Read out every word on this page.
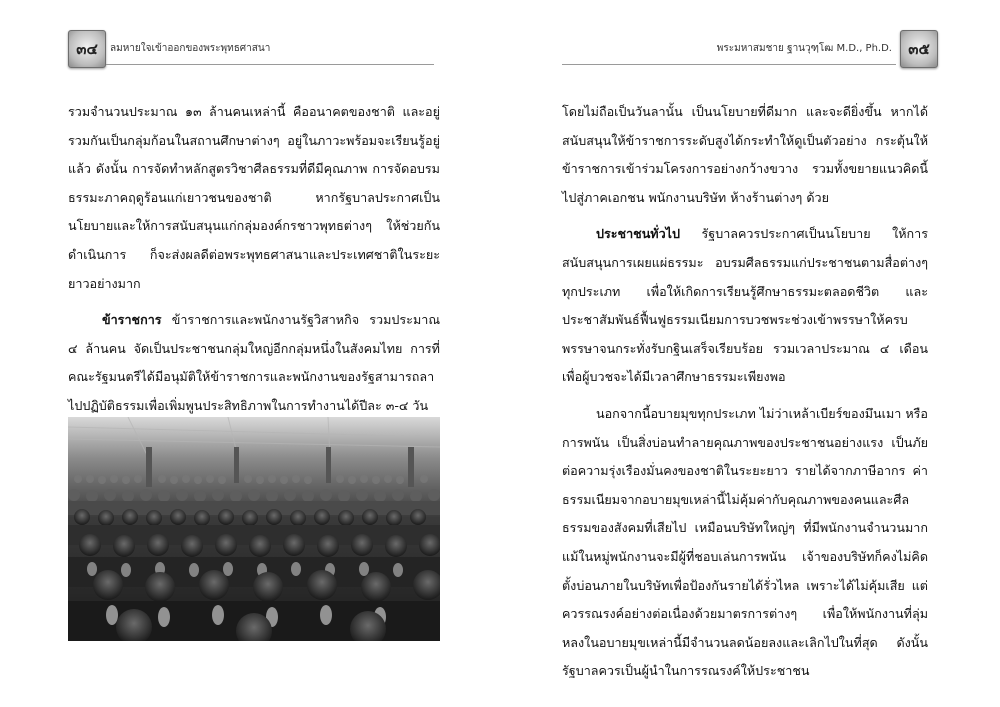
๓๔ ลมหายใจเข้าออกของพระพุทธศาสนา

รวมจำนวนประมาณ ๑๓ ล้านคนเหล่านี้ คืออนาคตของชาติ และอยู่รวมกันเป็นกลุ่มก้อนในสถานศึกษาต่างๆ อยู่ในภาวะพร้อมจะเรียนรู้อยู่แล้ว ดังนั้น การจัดทำหลักสูตรวิชาศีลธรรมที่ดีมีคุณภาพ การจัดอบรมธรรมะภาคฤดูร้อนแก่เยาวชนของชาติ หากรัฐบาลประกาศเป็นนโยบายและให้การสนับสนุนแก่กลุ่มองค์กรชาวพุทธต่างๆ ให้ช่วยกันดำเนินการ ก็จะส่งผลดีต่อพระพุทธศาสนาและประเทศชาติในระยะยาวอย่างมาก

ข้าราชการ ข้าราชการและพนักงานรัฐวิสาหกิจ รวมประมาณ ๔ ล้านคน จัดเป็นประชาชนกลุ่มใหญ่อีกกลุ่มหนึ่งในสังคมไทย การที่คณะรัฐมนตรีได้มีอนุมัติให้ข้าราชการและพนักงานของรัฐสามารถลาไปปฏิบัติธรรมเพื่อเพิ่มพูนประสิทธิภาพในการทำงานได้ปีละ ๓-๔ วัน

๓๕
พระมหาสมชาย ฐานวุฑฺโฒ M.D., Ph.D.

โดยไม่ถือเป็นวันลานั้น เป็นนโยบายที่ดีมาก และจะดียิ่งขึ้น หากได้สนับสนุนให้ข้าราชการระดับสูงได้กระทำให้ดูเป็นตัวอย่าง กระตุ้นให้ข้าราชการเข้าร่วมโครงการอย่างกว้างขวาง รวมทั้งขยายแนวคิดนี้ไปสู่ภาคเอกชน พนักงานบริษัท ห้างร้านต่างๆ ด้วย

ประชาชนทั่วไป รัฐบาลควรประกาศเป็นนโยบาย ให้การสนับสนุนการเผยแผ่ธรรมะ อบรมศีลธรรมแก่ประชาชนตามสื่อต่างๆ ทุกประเภท เพื่อให้เกิดการเรียนรู้ศึกษาธรรมะตลอดชีวิต และประชาสัมพันธ์ฟื้นฟูธรรมเนียมการบวชพระช่วงเข้าพรรษาให้ครบพรรษาจนกระทั่งรับกฐินเสร็จเรียบร้อย รวมเวลาประมาณ ๔ เดือน เพื่อผู้บวชจะได้มีเวลาศึกษาธรรมะเพียงพอ

นอกจากนี้อบายมุขทุกประเภท ไม่ว่าเหล้าเบียร์ของมึนเมา หรือการพนัน เป็นสิ่งบ่อนทำลายคุณภาพของประชาชนอย่างแรง เป็นภัยต่อความรุ่งเรืองมั่นคงของชาติในระยะยาว รายได้จากภาษีอากร ค่าธรรมเนียมจากอบายมุขเหล่านี้ไม่คุ้มค่ากับคุณภาพของคนและศีลธรรมของสังคมที่เสียไป เหมือนบริษัทใหญ่ๆ ที่มีพนักงานจำนวนมาก แม้ในหมู่พนักงานจะมีผู้ที่ชอบเล่นการพนัน เจ้าของบริษัทก็คงไม่คิดตั้งบ่อนภายในบริษัทเพื่อป้องกันรายได้รั่วไหล เพราะได้ไม่คุ้มเสีย แต่ควรรณรงค์อย่างต่อเนื่องด้วยมาตรการต่างๆ เพื่อให้พนักงานที่ลุ่มหลงในอบายมุขเหล่านี้มีจำนวนลดน้อยลงและเลิกไปในที่สุด ดังนั้นรัฐบาลควรเป็นผู้นำในการรณรงค์ให้ประชาชน
